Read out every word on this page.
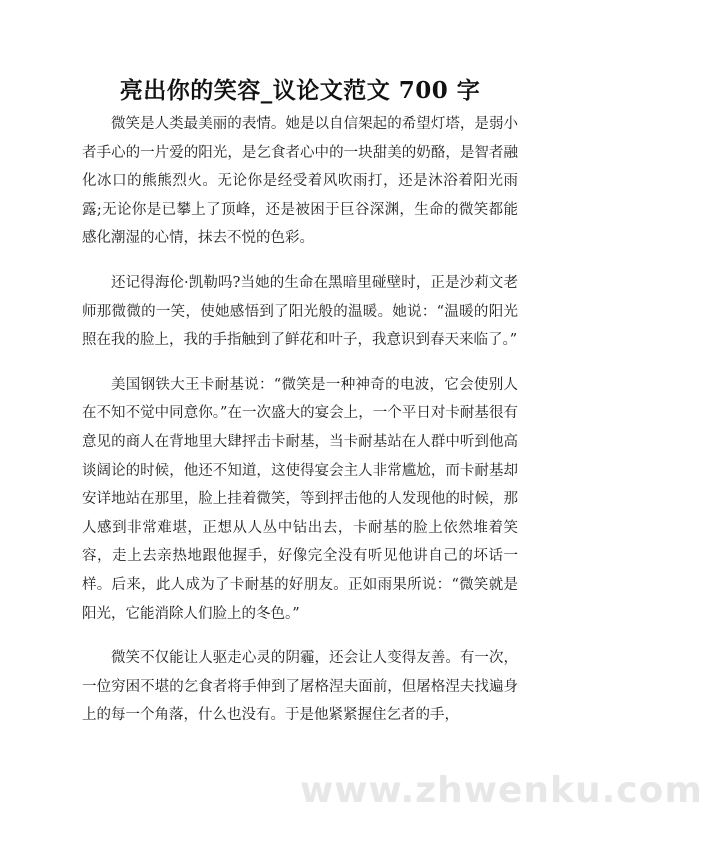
亮出你的笑容_议论文范文 700 字

微笑是人类最美丽的表情。她是以自信架起的希望灯塔，是弱小者手心的一片爱的阳光，是乞食者心中的一块甜美的奶酪，是智者融化冰口的熊熊烈火。无论你是经受着风吹雨打，还是沐浴着阳光雨露;无论你是已攀上了顶峰，还是被困于巨谷深渊，生命的微笑都能感化潮湿的心情，抹去不悦的色彩。

还记得海伦·凯勒吗?当她的生命在黑暗里碰壁时，正是沙莉文老师那微微的一笑，使她感悟到了阳光般的温暖。她说：“温暖的阳光照在我的脸上，我的手指触到了鲜花和叶子，我意识到春天来临了。”

美国钢铁大王卡耐基说：“微笑是一种神奇的电波，它会使别人在不知不觉中同意你。”在一次盛大的宴会上，一个平日对卡耐基很有意见的商人在背地里大肆抨击卡耐基，当卡耐基站在人群中听到他高谈阔论的时候，他还不知道，这使得宴会主人非常尴尬，而卡耐基却安详地站在那里，脸上挂着微笑，等到抨击他的人发现他的时候，那人感到非常难堪，正想从人丛中钻出去，卡耐基的脸上依然堆着笑容，走上去亲热地跟他握手，好像完全没有听见他讲自己的坏话一样。后来，此人成为了卡耐基的好朋友。正如雨果所说：“微笑就是阳光，它能消除人们脸上的冬色。”

微笑不仅能让人驱走心灵的阴霾，还会让人变得友善。有一次，一位穷困不堪的乞食者将手伸到了屠格涅夫面前，但屠格涅夫找遍身上的每一个角落，什么也没有。于是他紧紧握住乞者的手，

www.zhwenku.com
